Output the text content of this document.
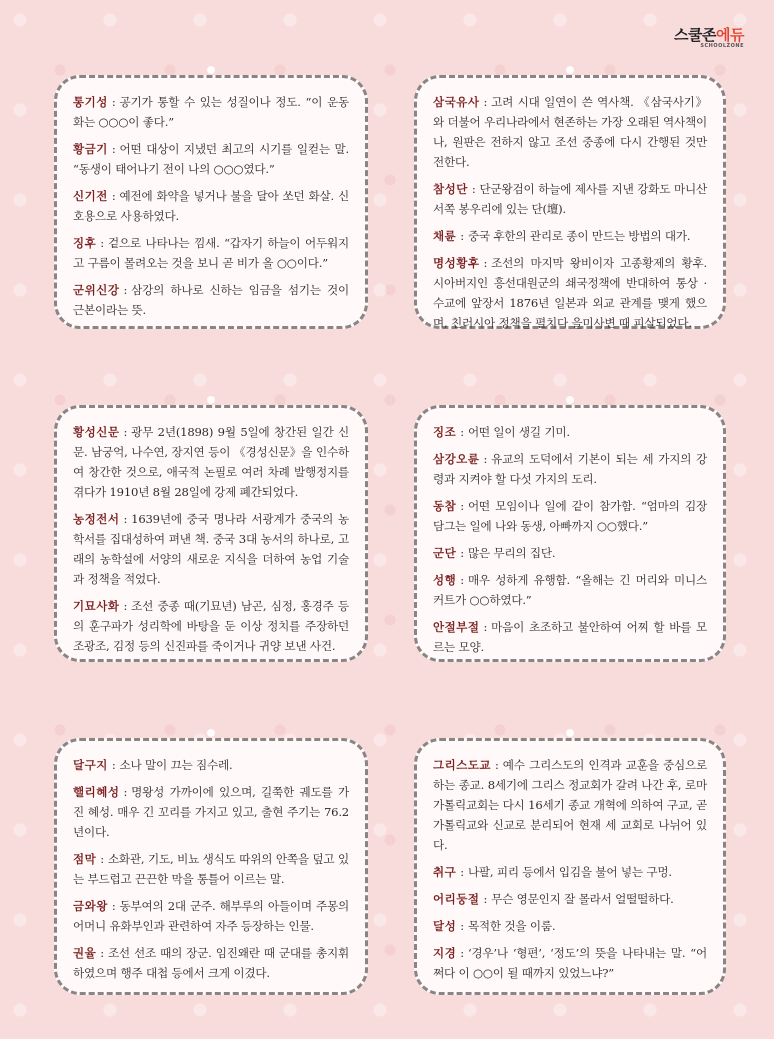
스쿨존에듀
SCHOOLZONE

통기성 : 공기가 통할 수 있는 성질이나 정도. “이 운동화는 ○○○이 좋다.”

황금기 : 어떤 대상이 지냈던 최고의 시기를 일컫는 말. “동생이 태어나기 전이 나의 ○○○였다.”

신기전 : 예전에 화약을 넣거나 불을 달아 쏘던 화살. 신호용으로 사용하였다.

징후 : 겉으로 나타나는 낌새. “갑자기 하늘이 어두워지고 구름이 몰려오는 것을 보니 곧 비가 올 ○○이다.”

군위신강 : 삼강의 하나로 신하는 임금을 섬기는 것이 근본이라는 뜻.

삼국유사 : 고려 시대 일연이 쓴 역사책. 《삼국사기》와 더불어 우리나라에서 현존하는 가장 오래된 역사책이나, 원판은 전하지 않고 조선 중종에 다시 간행된 것만 전한다.

참성단 : 단군왕검이 하늘에 제사를 지낸 강화도 마니산 서쪽 봉우리에 있는 단(壇).

채륜 : 중국 후한의 관리로 종이 만드는 방법의 대가.

명성황후 : 조선의 마지막 왕비이자 고종황제의 황후. 시아버지인 흥선대원군의 쇄국정책에 반대하여 통상 · 수교에 앞장서 1876년 일본과 외교 관계를 맺게 했으며, 친러시아 정책을 펼치다 을미사변 때 피살되었다.

황성신문 : 광무 2년(1898) 9월 5일에 창간된 일간 신문. 남궁억, 나수연, 장지연 등이 《경성신문》을 인수하여 창간한 것으로, 애국적 논필로 여러 차례 발행정지를 겪다가 1910년 8월 28일에 강제 폐간되었다.

농정전서 : 1639년에 중국 명나라 서광계가 중국의 농학서를 집대성하여 펴낸 책. 중국 3대 농서의 하나로, 고래의 농학설에 서양의 새로운 지식을 더하여 농업 기술과 정책을 적었다.

기묘사화 : 조선 중종 때(기묘년) 남곤, 심정, 홍경주 등의 훈구파가 성리학에 바탕을 둔 이상 정치를 주장하던 조광조, 김정 등의 신진파를 죽이거나 귀양 보낸 사건.

징조 : 어떤 일이 생길 기미.

삼강오륜 : 유교의 도덕에서 기본이 되는 세 가지의 강령과 지켜야 할 다섯 가지의 도리.

동참 : 어떤 모임이나 일에 같이 참가함. “엄마의 김장 담그는 일에 나와 동생, 아빠까지 ○○했다.”

군단 : 많은 무리의 집단.

성행 : 매우 성하게 유행함. “올해는 긴 머리와 미니스커트가 ○○하였다.”

안절부절 : 마음이 초조하고 불안하여 어찌 할 바를 모르는 모양.

달구지 : 소나 말이 끄는 짐수레.

핼리혜성 : 명왕성 가까이에 있으며, 길쭉한 궤도를 가진 혜성. 매우 긴 꼬리를 가지고 있고, 출현 주기는 76.2년이다.

점막 : 소화관, 기도, 비뇨 생식도 따위의 안쪽을 덮고 있는 부드럽고 끈끈한 막을 통틀어 이르는 말.

금와왕 : 동부여의 2대 군주. 해부루의 아들이며 주몽의 어머니 유화부인과 관련하여 자주 등장하는 인물.

권율 : 조선 선조 때의 장군. 임진왜란 때 군대를 총지휘하였으며 행주 대첩 등에서 크게 이겼다.

그리스도교 : 예수 그리스도의 인격과 교훈을 중심으로 하는 종교. 8세기에 그리스 정교회가 갈려 나간 후, 로마 가톨릭교회는 다시 16세기 종교 개혁에 의하여 구교, 곧 가톨릭교와 신교로 분리되어 현재 세 교회로 나뉘어 있다.

취구 : 나팔, 피리 등에서 입김을 불어 넣는 구멍.

어리둥절 : 무슨 영문인지 잘 몰라서 얼떨떨하다.

달성 : 목적한 것을 이룸.

지경 : ‘경우’나 ‘형편’, ‘정도’의 뜻을 나타내는 말. “어쩌다 이 ○○이 될 때까지 있었느냐?”
